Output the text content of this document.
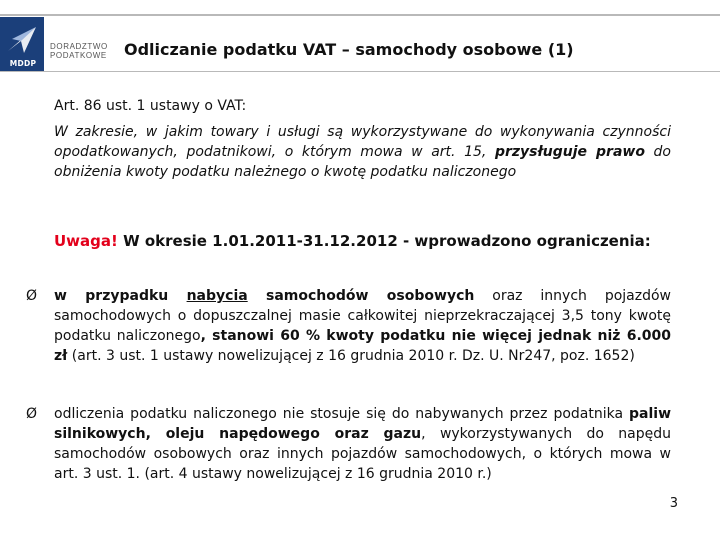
MDDP
DORADZTWO
PODATKOWE Odliczanie podatku VAT – samochody osobowe (1)
Art. 86 ust. 1 ustawy o VAT:
W zakresie, w jakim towary i usługi są wykorzystywane do wykonywania czynności opodatkowanych, podatnikowi, o którym mowa w art. 15, przysługuje prawo do obniżenia kwoty podatku należnego o kwotę podatku naliczonego
Uwaga! W okresie 1.01.2011-31.12.2012 - wprowadzono ograniczenia:
Ø	w przypadku nabycia samochodów osobowych oraz innych pojazdów samochodowych o dopuszczalnej masie całkowitej nieprzekraczającej 3,5 tony kwotę podatku naliczonego, stanowi 60 % kwoty podatku nie więcej jednak niż 6.000 zł (art. 3 ust. 1 ustawy nowelizującej z 16 grudnia 2010 r. Dz. U. Nr247, poz. 1652)
Ø	odliczenia podatku naliczonego nie stosuje się do nabywanych przez podatnika paliw silnikowych, oleju napędowego oraz gazu, wykorzystywanych do napędu samochodów osobowych oraz innych pojazdów samochodowych, o których mowa w art. 3 ust. 1. (art. 4 ustawy nowelizującej z 16 grudnia 2010 r.)
3
